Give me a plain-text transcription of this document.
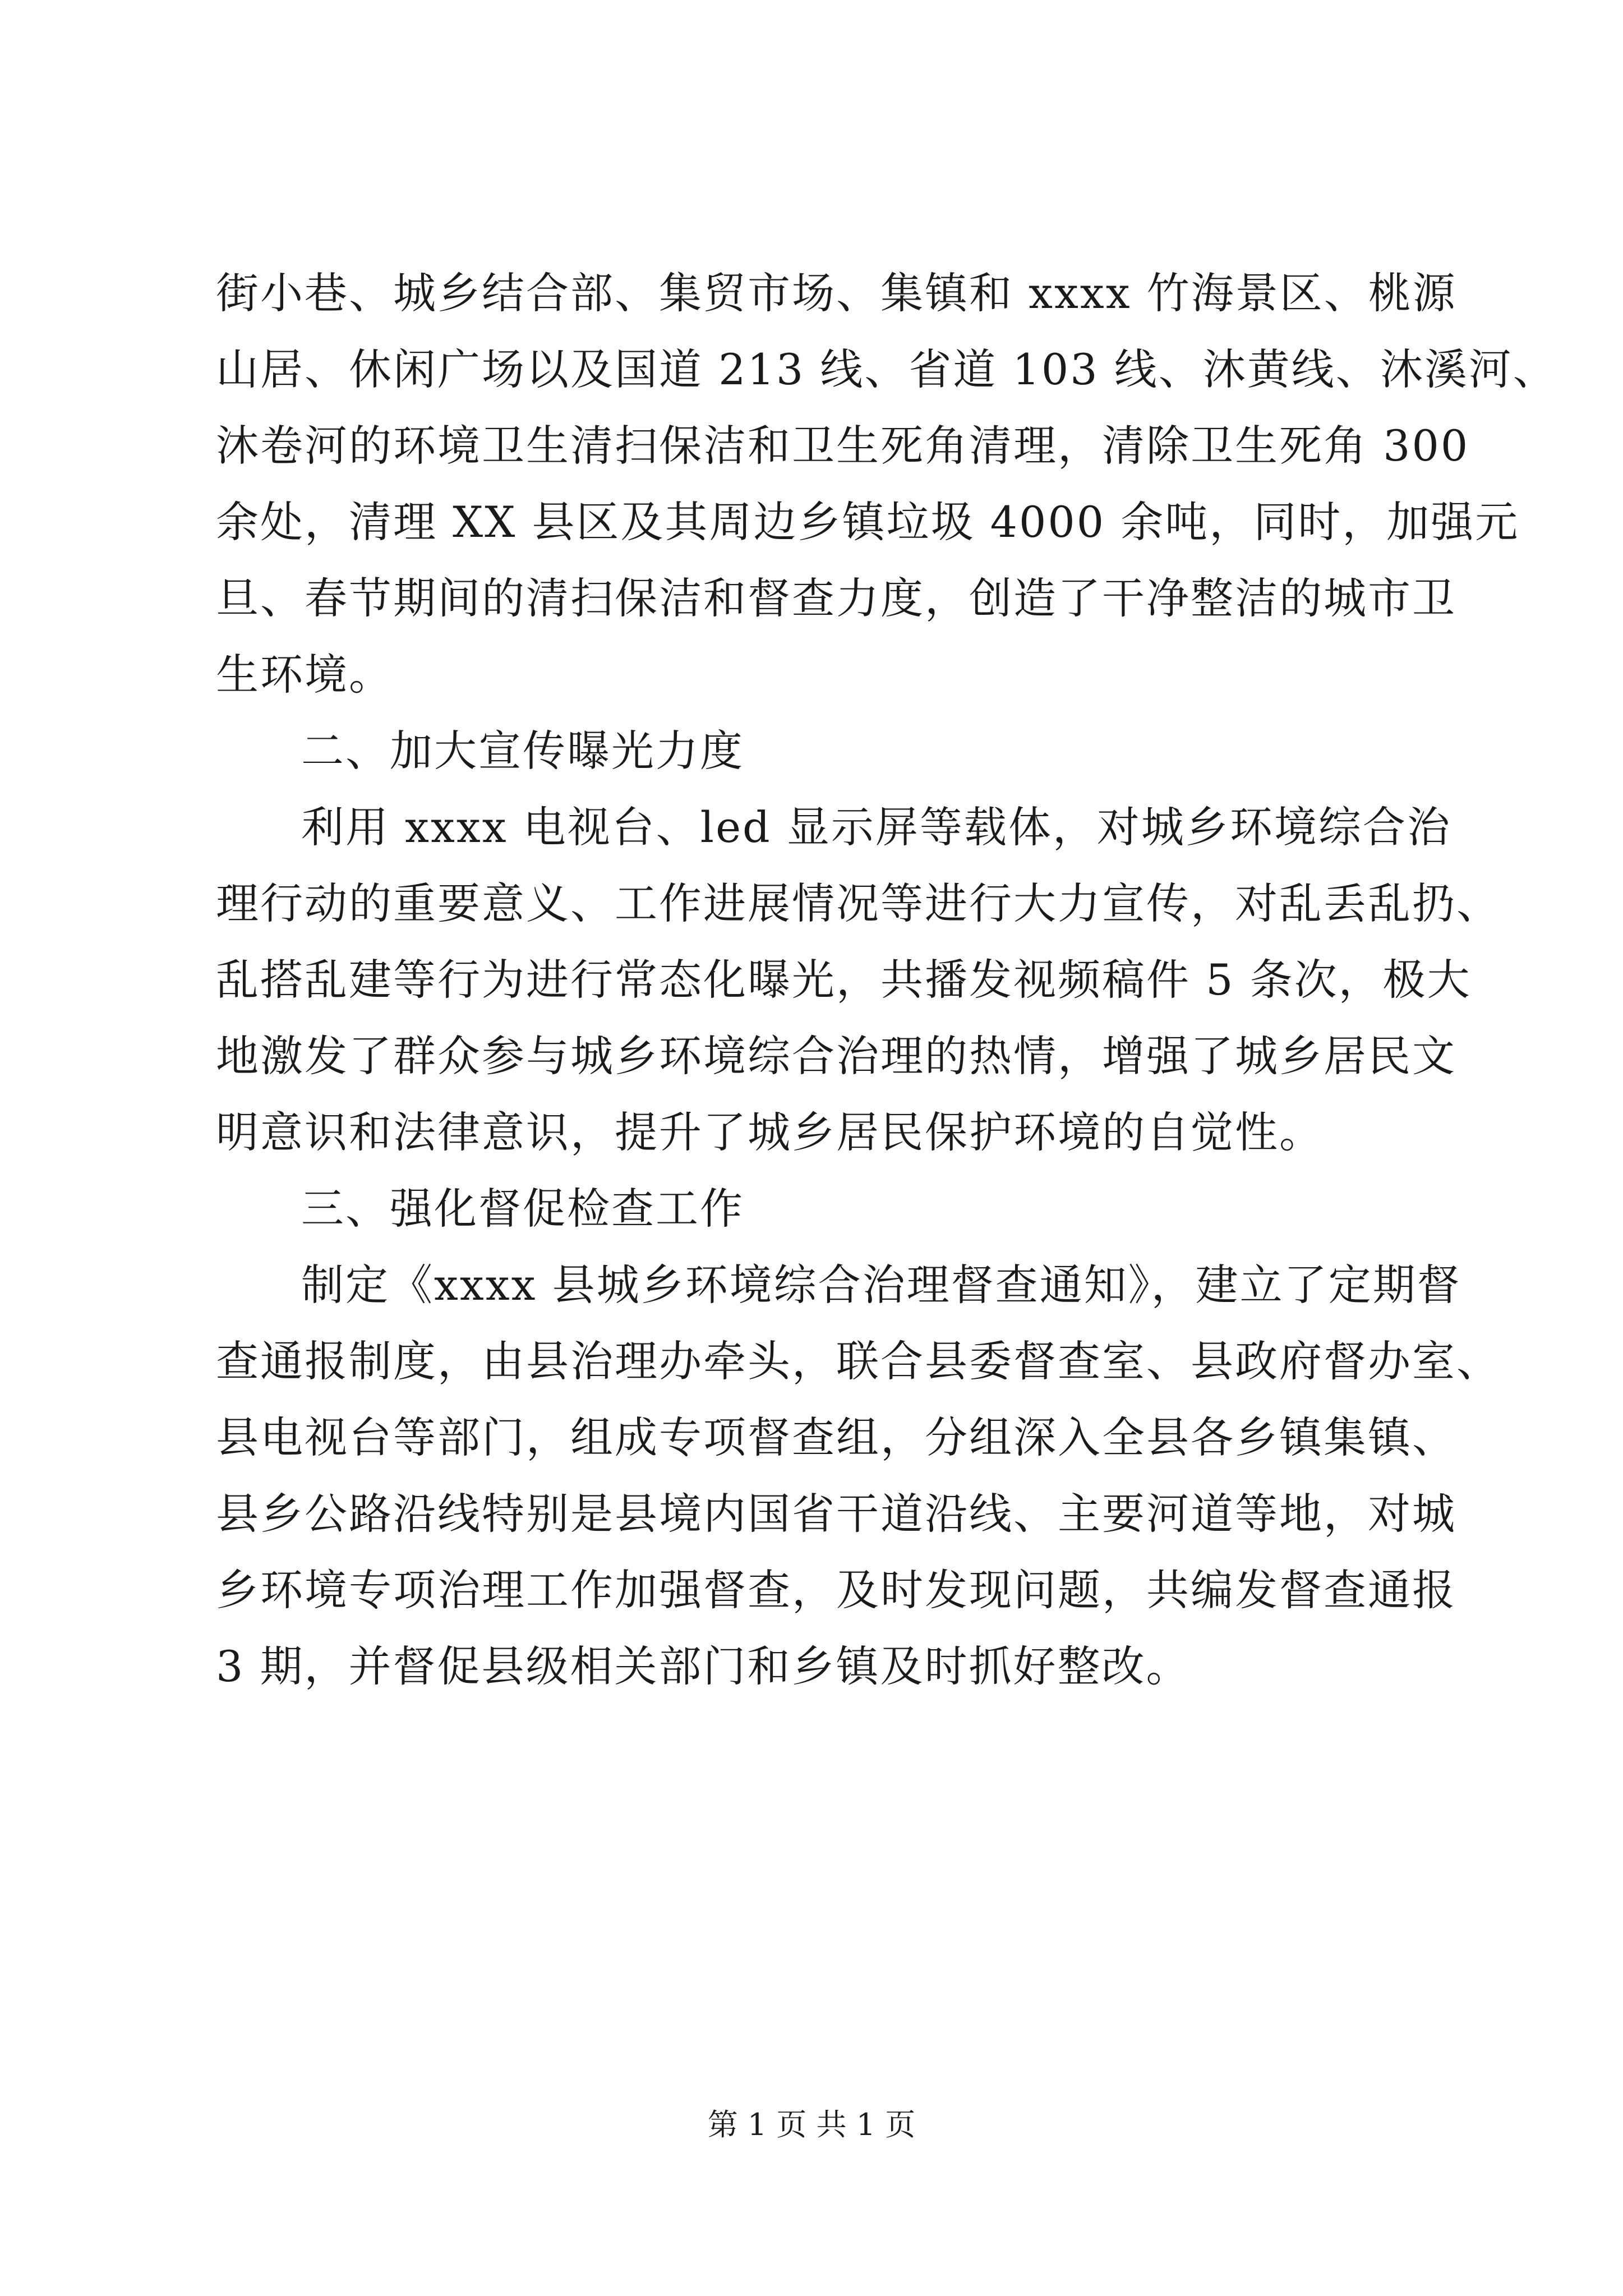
街小巷、城乡结合部、集贸市场、集镇和 xxxx 竹海景区、桃源
山居、休闲广场以及国道 213 线、省道 103 线、沐黄线、沐溪河、
沐卷河的环境卫生清扫保洁和卫生死角清理，清除卫生死角 300
余处，清理 XX 县区及其周边乡镇垃圾 4000 余吨，同时，加强元
旦、春节期间的清扫保洁和督查力度，创造了干净整洁的城市卫
生环境。
二、加大宣传曝光力度
利用 xxxx 电视台、led 显示屏等载体，对城乡环境综合治
理行动的重要意义、工作进展情况等进行大力宣传，对乱丢乱扔、
乱搭乱建等行为进行常态化曝光，共播发视频稿件 5 条次，极大
地激发了群众参与城乡环境综合治理的热情，增强了城乡居民文
明意识和法律意识，提升了城乡居民保护环境的自觉性。
三、强化督促检查工作
制定《xxxx 县城乡环境综合治理督查通知》，建立了定期督
查通报制度，由县治理办牵头，联合县委督查室、县政府督办室、
县电视台等部门，组成专项督查组，分组深入全县各乡镇集镇、
县乡公路沿线特别是县境内国省干道沿线、主要河道等地，对城
乡环境专项治理工作加强督查，及时发现问题，共编发督查通报
3 期，并督促县级相关部门和乡镇及时抓好整改。
第 1 页 共 1 页
